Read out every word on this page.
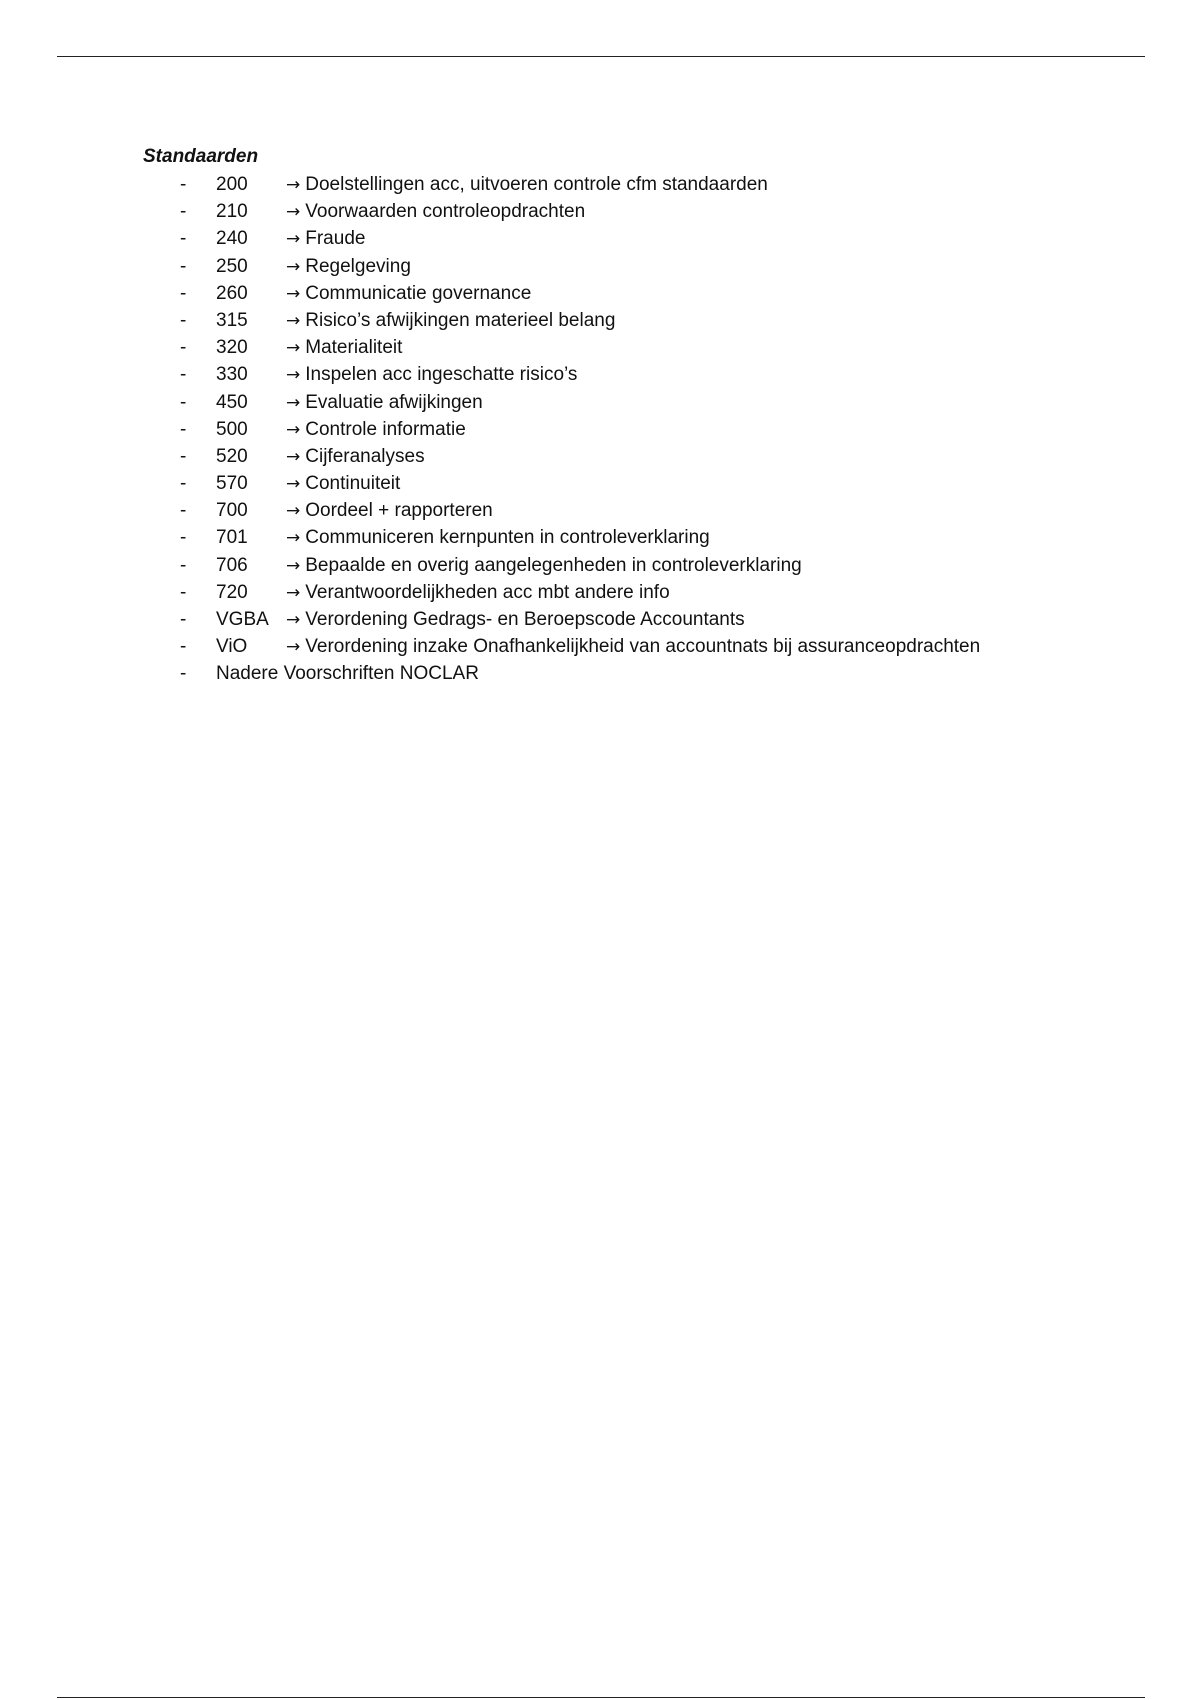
Standaarden
- 200 → Doelstellingen acc, uitvoeren controle cfm standaarden
- 210 → Voorwaarden controleopdrachten
- 240 → Fraude
- 250 → Regelgeving
- 260 → Communicatie governance
- 315 → Risico’s afwijkingen materieel belang
- 320 → Materialiteit
- 330 → Inspelen acc ingeschatte risico’s
- 450 → Evaluatie afwijkingen
- 500 → Controle informatie
- 520 → Cijferanalyses
- 570 → Continuiteit
- 700 → Oordeel + rapporteren
- 701 → Communiceren kernpunten in controleverklaring
- 706 → Bepaalde en overig aangelegenheden in controleverklaring
- 720 → Verantwoordelijkheden acc mbt andere info
- VGBA → Verordening Gedrags- en Beroepscode Accountants
- ViO → Verordening inzake Onafhankelijkheid van accountnats bij assuranceopdrachten
- Nadere Voorschriften NOCLAR
